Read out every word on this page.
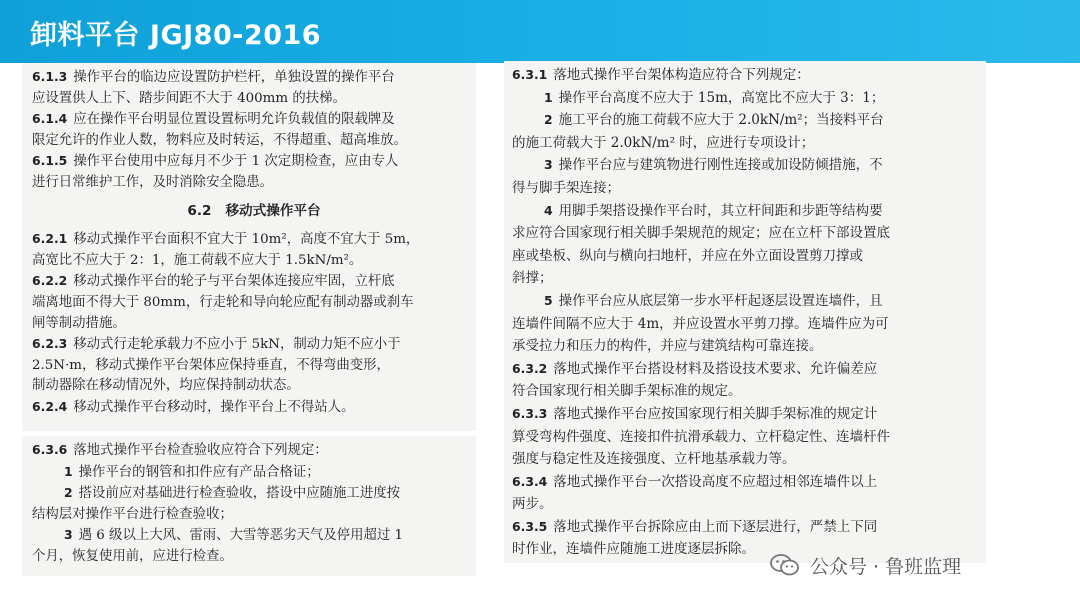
卸料平台 JGJ80-2016

6.1.3 操作平台的临边应设置防护栏杆，单独设置的操作平台

应设置供人上下、踏步间距不大于 400mm 的扶梯。

6.1.4 应在操作平台明显位置设置标明允许负载值的限载牌及

限定允许的作业人数，物料应及时转运，不得超重、超高堆放。

6.1.5 操作平台使用中应每月不少于 1 次定期检查，应由专人

进行日常维护工作，及时消除安全隐患。

6.2 移动式操作平台

6.2.1 移动式操作平台面积不宜大于 10m²，高度不宜大于 5m，

高宽比不应大于 2：1，施工荷载不应大于 1.5kN/m²。

6.2.2 移动式操作平台的轮子与平台架体连接应牢固，立杆底

端离地面不得大于 80mm，行走轮和导向轮应配有制动器或刹车

闸等制动措施。

6.2.3 移动式行走轮承载力不应小于 5kN，制动力矩不应小于

2.5N·m，移动式操作平台架体应保持垂直，不得弯曲变形，

制动器除在移动情况外，均应保持制动状态。

6.2.4 移动式操作平台移动时，操作平台上不得站人。

6.3.6 落地式操作平台检查验收应符合下列规定：

1 操作平台的钢管和扣件应有产品合格证；

2 搭设前应对基础进行检查验收，搭设中应随施工进度按

结构层对操作平台进行检查验收；

3 遇 6 级以上大风、雷雨、大雪等恶劣天气及停用超过 1

个月，恢复使用前，应进行检查。

6.3.1 落地式操作平台架体构造应符合下列规定：

1 操作平台高度不应大于 15m，高宽比不应大于 3：1；

2 施工平台的施工荷载不应大于 2.0kN/m²；当接料平台

的施工荷载大于 2.0kN/m² 时，应进行专项设计；

3 操作平台应与建筑物进行刚性连接或加设防倾措施，不

得与脚手架连接；

4 用脚手架搭设操作平台时，其立杆间距和步距等结构要

求应符合国家现行相关脚手架规范的规定；应在立杆下部设置底

座或垫板、纵向与横向扫地杆，并应在外立面设置剪刀撑或

斜撑；

5 操作平台应从底层第一步水平杆起逐层设置连墙件，且

连墙件间隔不应大于 4m，并应设置水平剪刀撑。连墙件应为可

承受拉力和压力的构件，并应与建筑结构可靠连接。

6.3.2 落地式操作平台搭设材料及搭设技术要求、允许偏差应

符合国家现行相关脚手架标准的规定。

6.3.3 落地式操作平台应按国家现行相关脚手架标准的规定计

算受弯构件强度、连接扣件抗滑承载力、立杆稳定性、连墙杆件

强度与稳定性及连接强度、立杆地基承载力等。

6.3.4 落地式操作平台一次搭设高度不应超过相邻连墙件以上

两步。

6.3.5 落地式操作平台拆除应由上而下逐层进行，严禁上下同

时作业，连墙件应随施工进度逐层拆除。

公众号 · 鲁班监理
